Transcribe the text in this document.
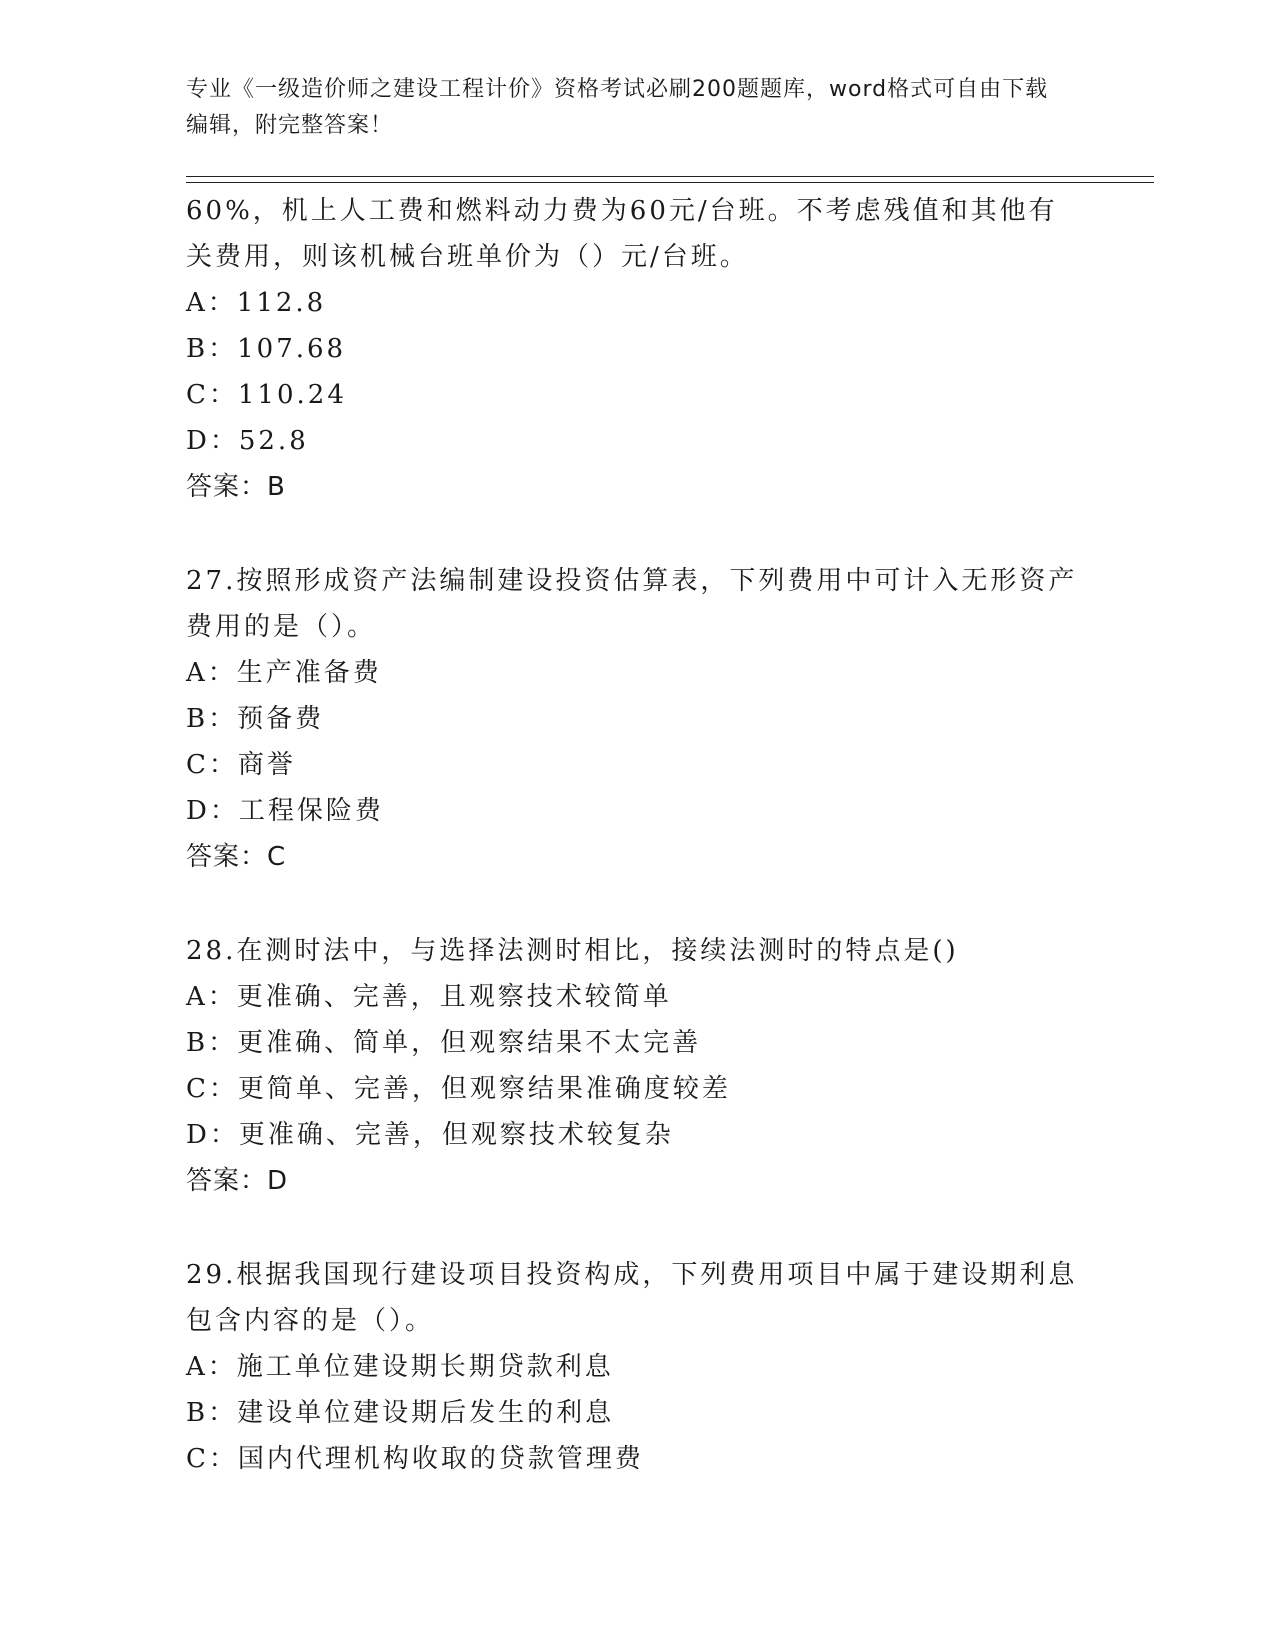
专业《一级造价师之建设工程计价》资格考试必刷200题题库，word格式可自由下载编辑，附完整答案！

60%，机上人工费和燃料动力费为60元/台班。不考虑残值和其他有关费用，则该机械台班单价为（）元/台班。

A：112.8

B：107.68

C：110.24

D：52.8

答案：B

27.按照形成资产法编制建设投资估算表，下列费用中可计入无形资产费用的是（）。

A：生产准备费

B：预备费

C：商誉

D：工程保险费

答案：C

28.在测时法中，与选择法测时相比，接续法测时的特点是()

A：更准确、完善，且观察技术较简单

B：更准确、简单，但观察结果不太完善

C：更简单、完善，但观察结果准确度较差

D：更准确、完善，但观察技术较复杂

答案：D

29.根据我国现行建设项目投资构成，下列费用项目中属于建设期利息包含内容的是（）。

A：施工单位建设期长期贷款利息

B：建设单位建设期后发生的利息

C：国内代理机构收取的贷款管理费
